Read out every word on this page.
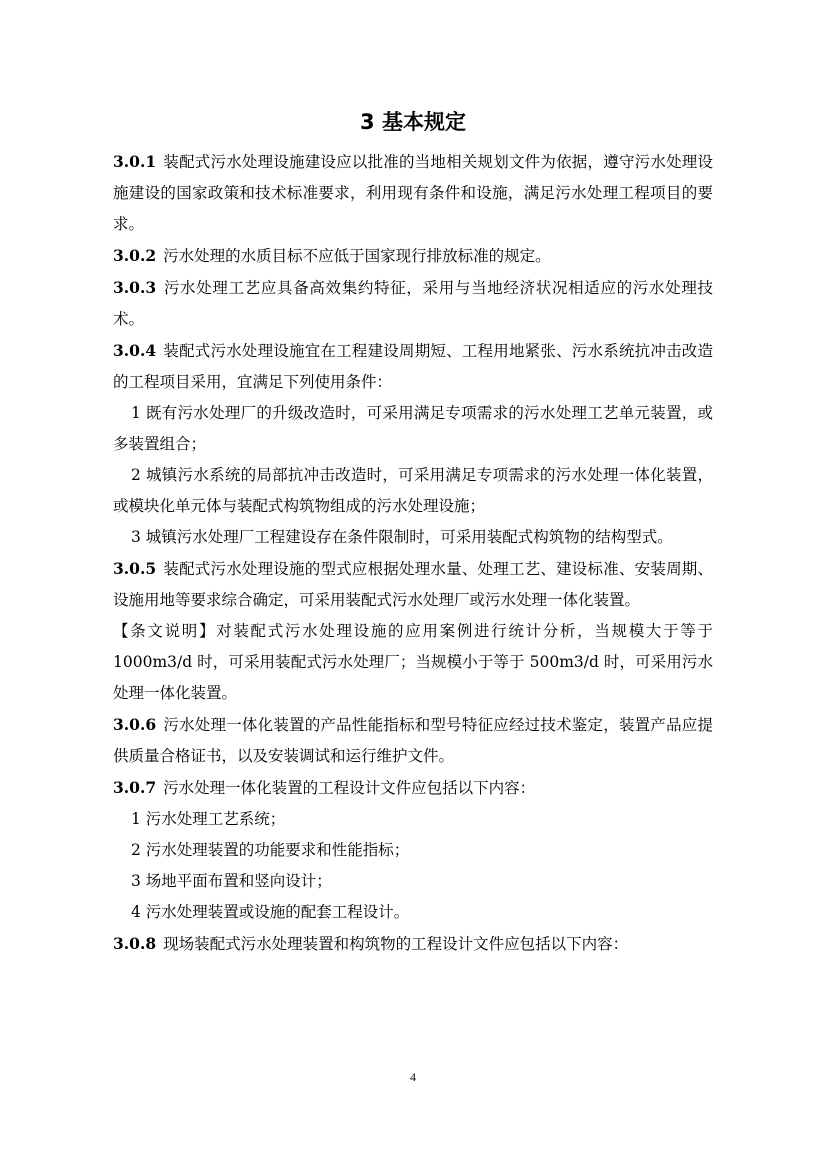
3 基本规定

3.0.1 装配式污水处理设施建设应以批准的当地相关规划文件为依据，遵守污水处理设施建设的国家政策和技术标准要求，利用现有条件和设施，满足污水处理工程项目的要求。

3.0.2 污水处理的水质目标不应低于国家现行排放标准的规定。

3.0.3 污水处理工艺应具备高效集约特征，采用与当地经济状况相适应的污水处理技术。

3.0.4 装配式污水处理设施宜在工程建设周期短、工程用地紧张、污水系统抗冲击改造的工程项目采用，宜满足下列使用条件：

1 既有污水处理厂的升级改造时，可采用满足专项需求的污水处理工艺单元装置，或多装置组合；

2 城镇污水系统的局部抗冲击改造时，可采用满足专项需求的污水处理一体化装置，或模块化单元体与装配式构筑物组成的污水处理设施；

3 城镇污水处理厂工程建设存在条件限制时，可采用装配式构筑物的结构型式。

3.0.5 装配式污水处理设施的型式应根据处理水量、处理工艺、建设标准、安装周期、设施用地等要求综合确定，可采用装配式污水处理厂或污水处理一体化装置。

【条文说明】对装配式污水处理设施的应用案例进行统计分析，当规模大于等于1000m3/d 时，可采用装配式污水处理厂；当规模小于等于 500m3/d 时，可采用污水处理一体化装置。

3.0.6 污水处理一体化装置的产品性能指标和型号特征应经过技术鉴定，装置产品应提供质量合格证书，以及安装调试和运行维护文件。

3.0.7 污水处理一体化装置的工程设计文件应包括以下内容：

1 污水处理工艺系统；

2 污水处理装置的功能要求和性能指标；

3 场地平面布置和竖向设计；

4 污水处理装置或设施的配套工程设计。

3.0.8 现场装配式污水处理装置和构筑物的工程设计文件应包括以下内容：

4
